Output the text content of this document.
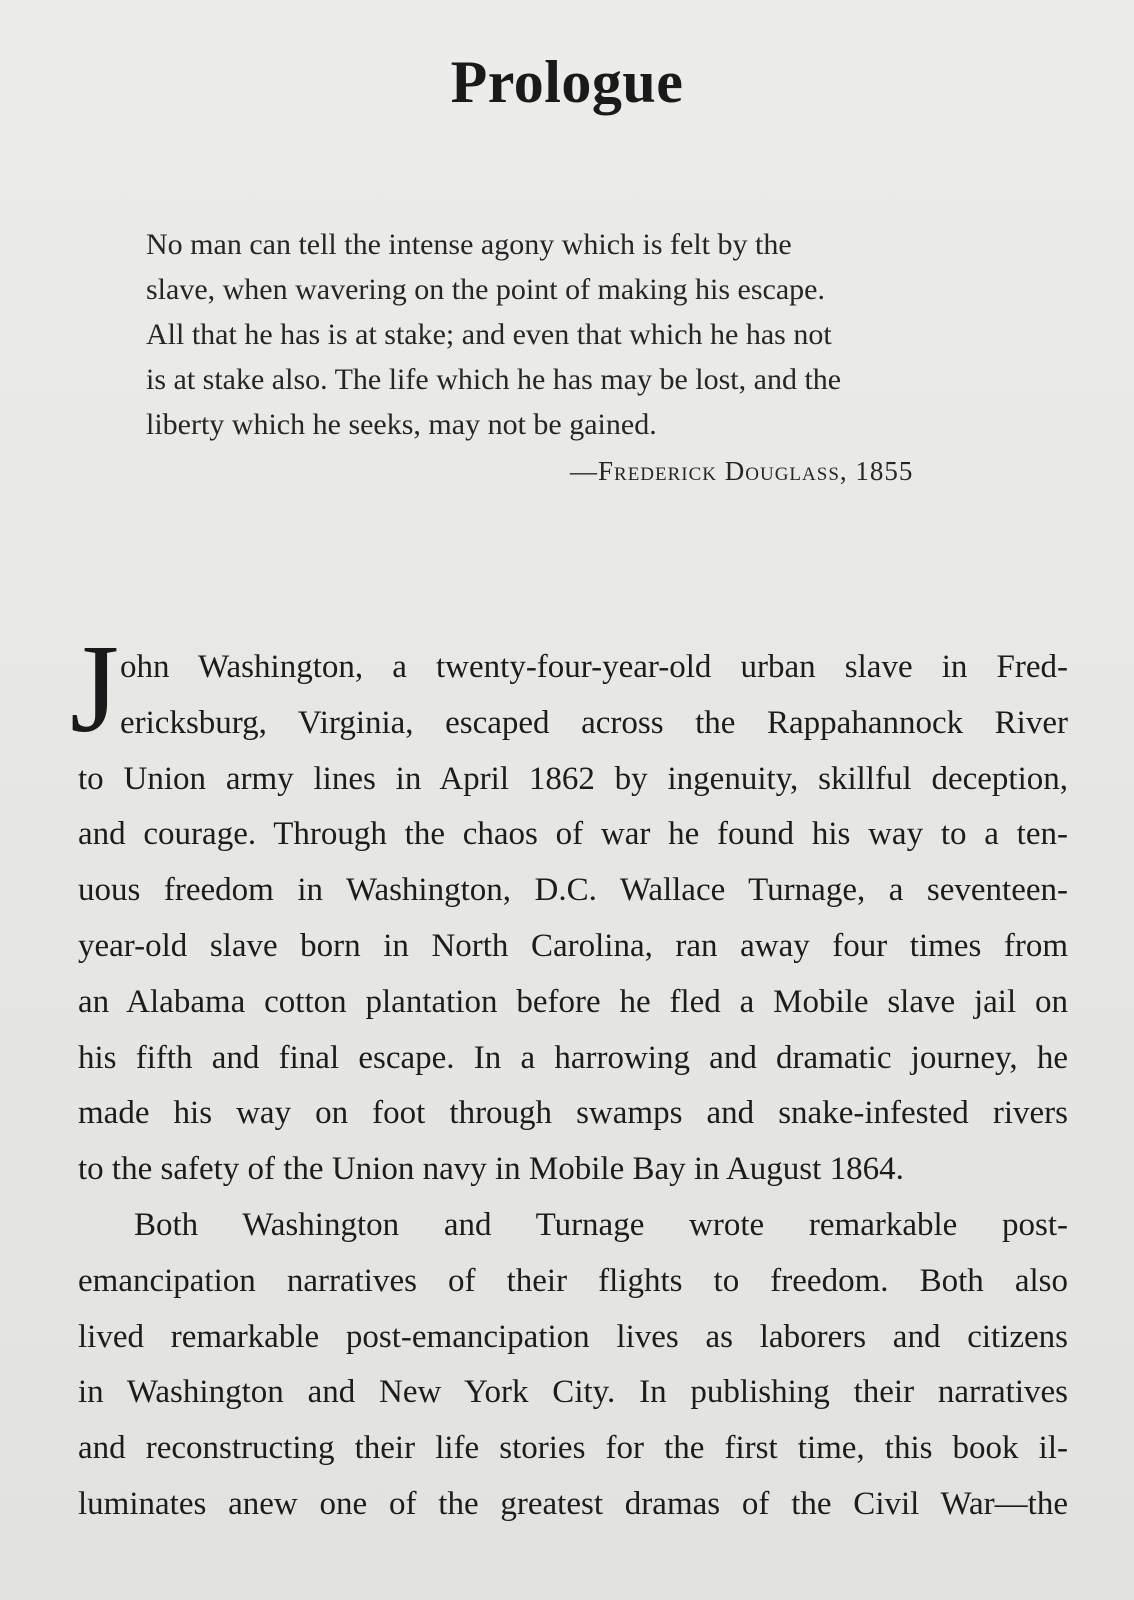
Prologue
No man can tell the intense agony which is felt by the
slave, when wavering on the point of making his escape.
All that he has is at stake; and even that which he has not
is at stake also. The life which he has may be lost, and the
liberty which he seeks, may not be gained.
—Frederick Douglass, 1855
J ohn Washington, a twenty-four-year-old urban slave in Fred-
ericksburg, Virginia, escaped across the Rappahannock River
to Union army lines in April 1862 by ingenuity, skillful deception,
and courage. Through the chaos of war he found his way to a ten-
uous freedom in Washington, D.C. Wallace Turnage, a seventeen-
year-old slave born in North Carolina, ran away four times from
an Alabama cotton plantation before he fled a Mobile slave jail on
his fifth and final escape. In a harrowing and dramatic journey, he
made his way on foot through swamps and snake-infested rivers
to the safety of the Union navy in Mobile Bay in August 1864.
Both Washington and Turnage wrote remarkable post-
emancipation narratives of their flights to freedom. Both also
lived remarkable post-emancipation lives as laborers and citizens
in Washington and New York City. In publishing their narratives
and reconstructing their life stories for the first time, this book il-
luminates anew one of the greatest dramas of the Civil War—the
